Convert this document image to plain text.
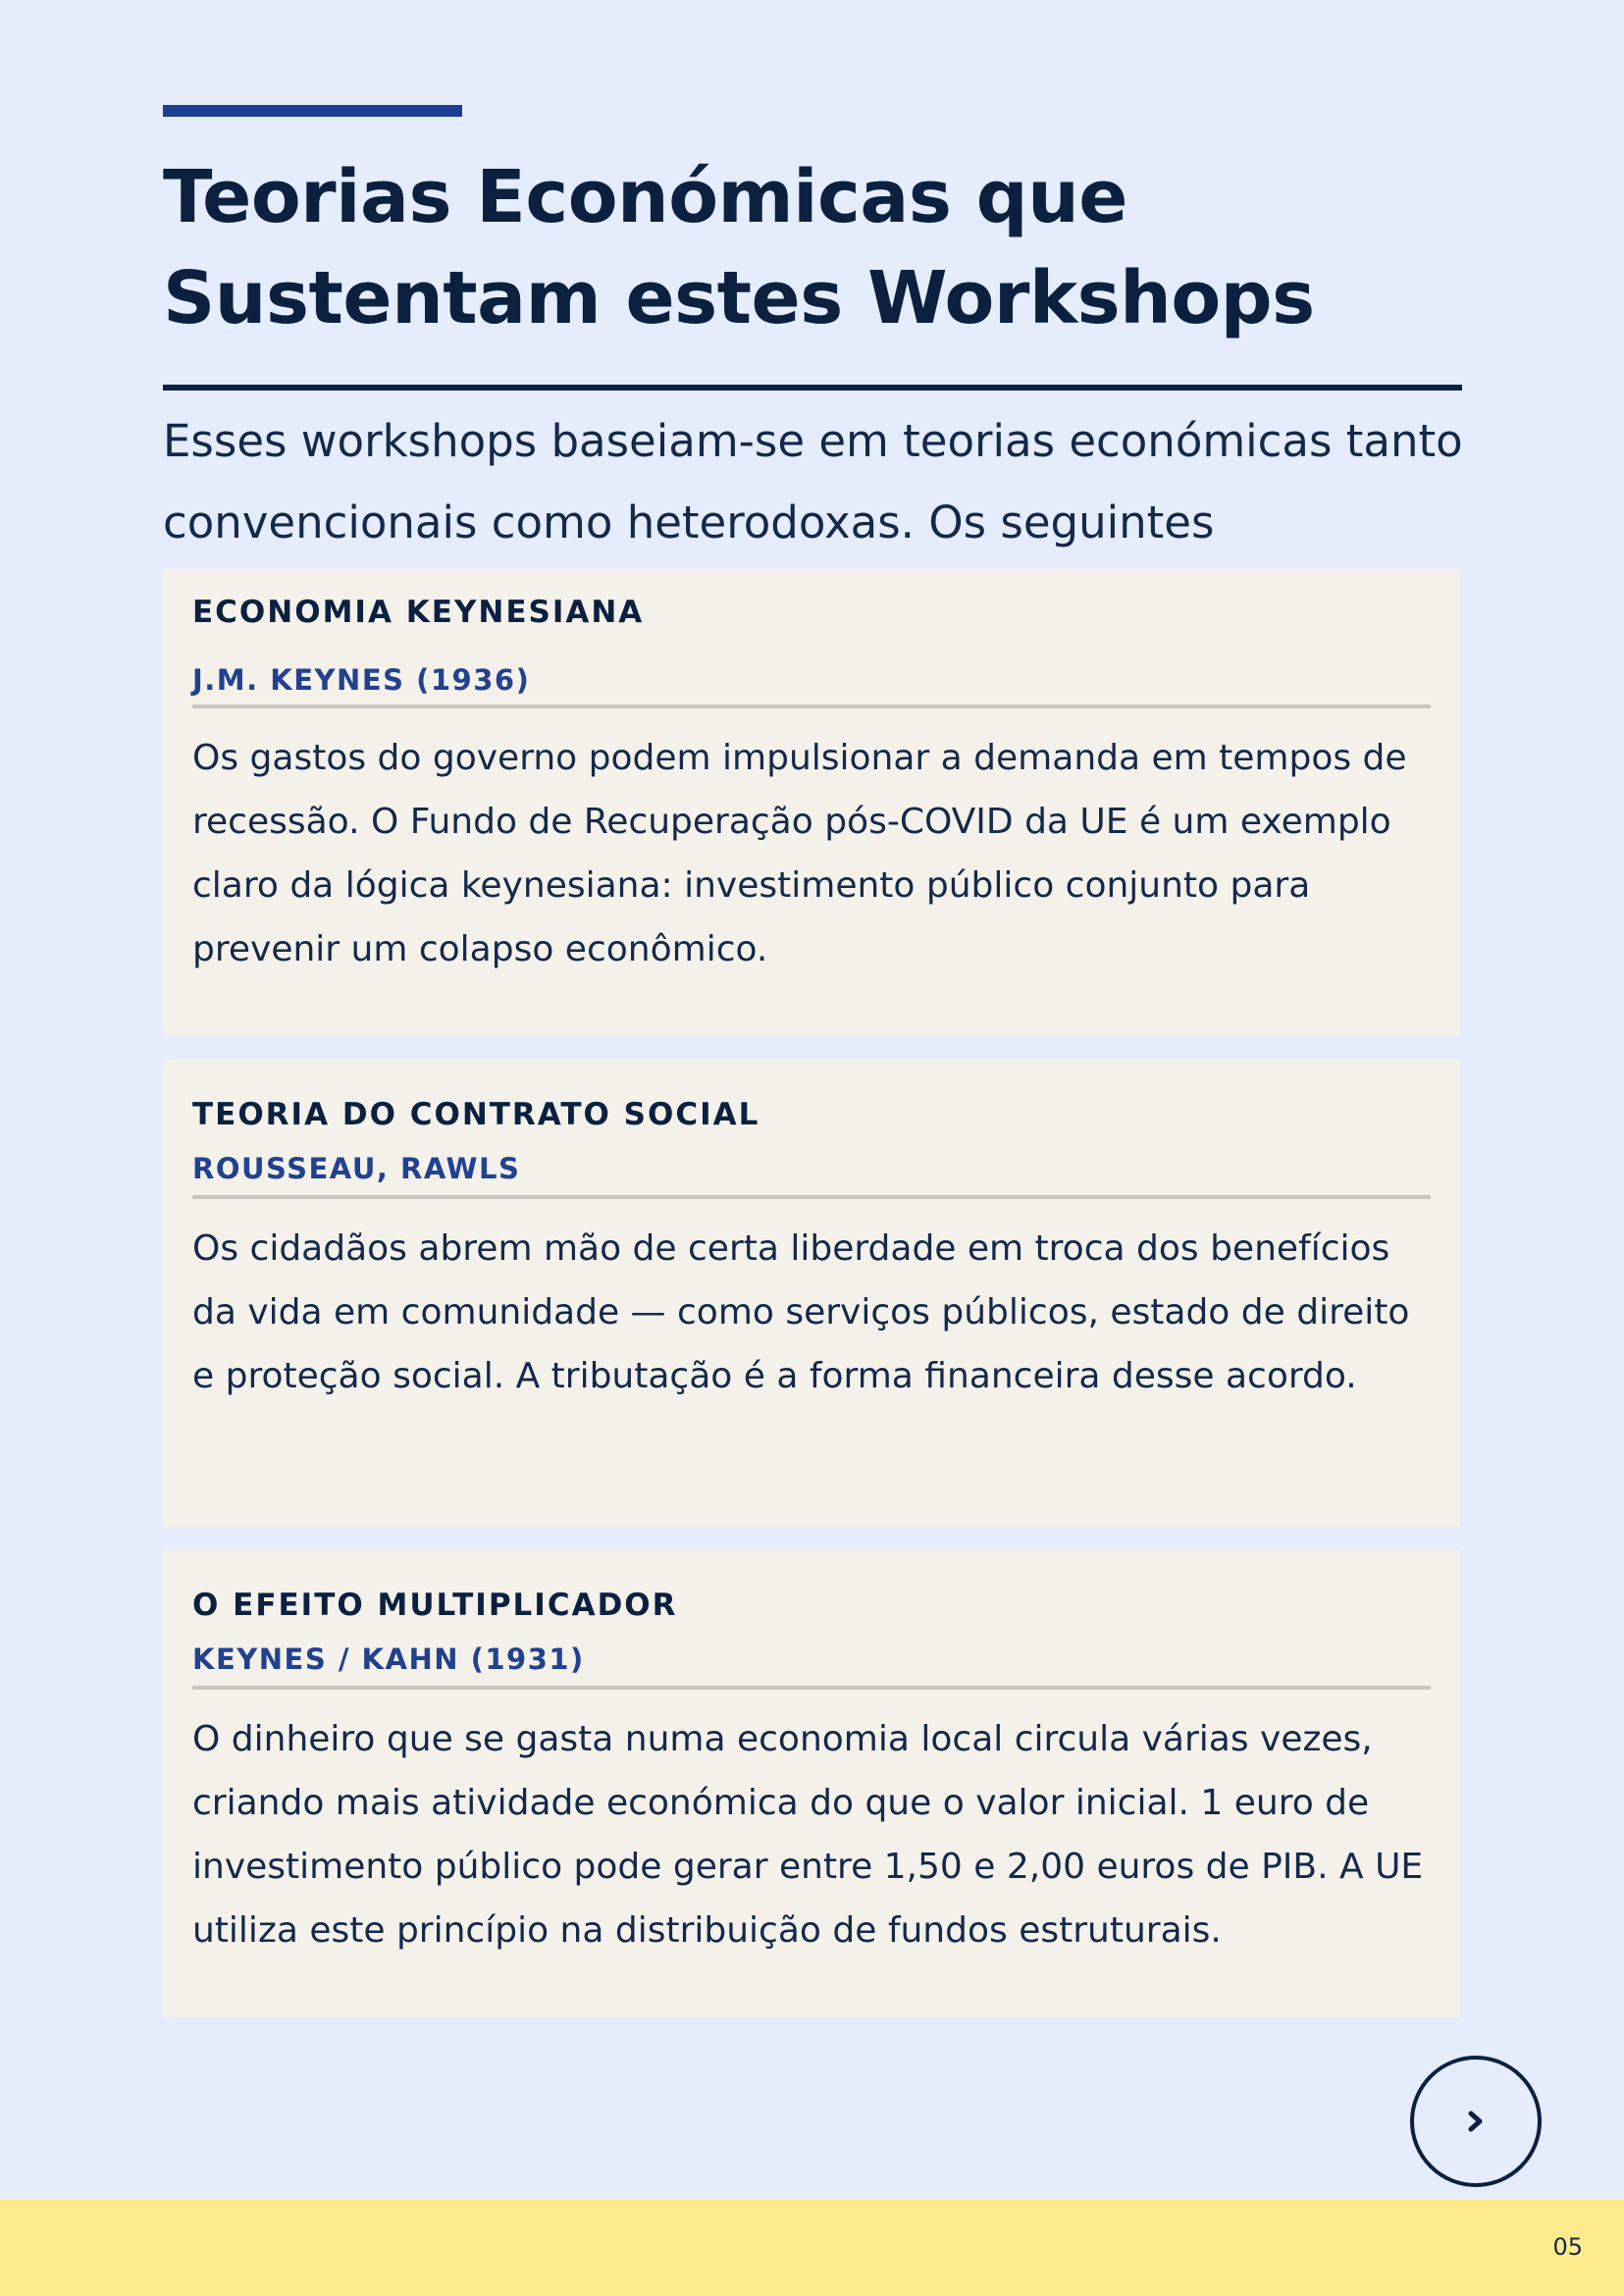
Teorias Económicas que Sustentam estes Workshops

Esses workshops baseiam-se em teorias económicas tanto convencionais como heterodoxas. Os seguintes

ECONOMIA KEYNESIANA
J.M. KEYNES (1936)
Os gastos do governo podem impulsionar a demanda em tempos de recessão. O Fundo de Recuperação pós-COVID da UE é um exemplo claro da lógica keynesiana: investimento público conjunto para prevenir um colapso econômico.
TEORIA DO CONTRATO SOCIAL
ROUSSEAU, RAWLS
Os cidadãos abrem mão de certa liberdade em troca dos benefícios da vida em comunidade — como serviços públicos, estado de direito e proteção social. A tributação é a forma financeira desse acordo.
O EFEITO MULTIPLICADOR
KEYNES / KAHN (1931)
O dinheiro que se gasta numa economia local circula várias vezes, criando mais atividade económica do que o valor inicial. 1 euro de investimento público pode gerar entre 1,50 e 2,00 euros de PIB. A UE utiliza este princípio na distribuição de fundos estruturais.
05
